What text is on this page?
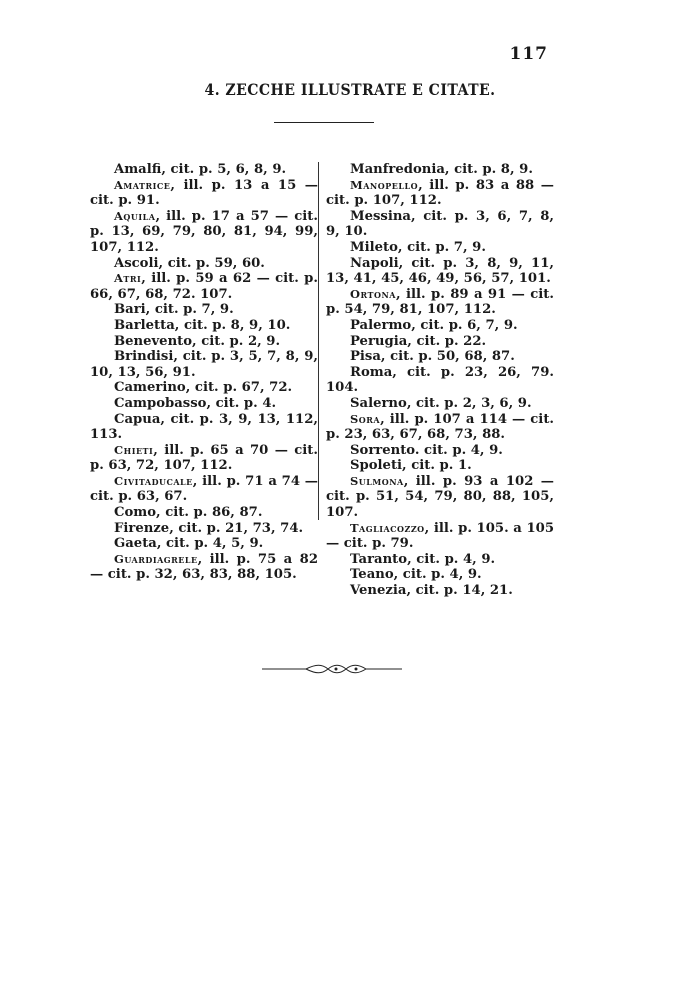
117
4. ZECCHE ILLUSTRATE E CITATE.

Amalfi, cit. p. 5, 6, 8, 9.

Amatrice, ill. p. 13 a 15 — cit. p. 91.

Aquila, ill. p. 17 a 57 — cit. p. 13, 69, 79, 80, 81, 94, 99, 107, 112.

Ascoli, cit. p. 59, 60.

Atri, ill. p. 59 a 62 — cit. p. 66, 67, 68, 72. 107.

Bari, cit. p. 7, 9.

Barletta, cit. p. 8, 9, 10.

Benevento, cit. p. 2, 9.

Brindisi, cit. p. 3, 5, 7, 8, 9, 10, 13, 56, 91.

Camerino, cit. p. 67, 72.

Campobasso, cit. p. 4.

Capua, cit. p. 3, 9, 13, 112, 113.

Chieti, ill. p. 65 a 70 — cit. p. 63, 72, 107, 112.

Civitaducale, ill. p. 71 a 74 — cit. p. 63, 67.

Como, cit. p. 86, 87.

Firenze, cit. p. 21, 73, 74.

Gaeta, cit. p. 4, 5, 9.

Guardiagrele, ill. p. 75 a 82 — cit. p. 32, 63, 83, 88, 105.

Manfredonia, cit. p. 8, 9.

Manopello, ill. p. 83 a 88 — cit. p. 107, 112.

Messina, cit. p. 3, 6, 7, 8, 9, 10.

Mileto, cit. p. 7, 9.

Napoli, cit. p. 3, 8, 9, 11, 13, 41, 45, 46, 49, 56, 57, 101.

Ortona, ill. p. 89 a 91 — cit. p. 54, 79, 81, 107, 112.

Palermo, cit. p. 6, 7, 9.

Perugia, cit. p. 22.

Pisa, cit. p. 50, 68, 87.

Roma, cit. p. 23, 26, 79. 104.

Salerno, cit. p. 2, 3, 6, 9.

Sora, ill. p. 107 a 114 — cit. p. 23, 63, 67, 68, 73, 88.

Sorrento. cit. p. 4, 9.

Spoleti, cit. p. 1.

Sulmona, ill. p. 93 a 102 — cit. p. 51, 54, 79, 80, 88, 105, 107.

Tagliacozzo, ill. p. 105. a 105 — cit. p. 79.

Taranto, cit. p. 4, 9.

Teano, cit. p. 4, 9.

Venezia, cit. p. 14, 21.
